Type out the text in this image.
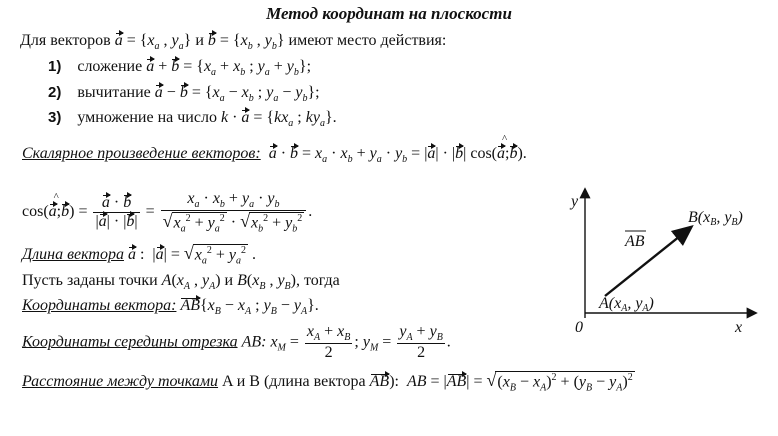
Метод координат на плоскости
Для векторов $a = \{x_a$ , $y_a$} и $b = \{x_b$ , $y_b$} имеют место действия:
1) сложение $a + b = \{x_a + x_b$ ; $y_a + y_b$};
2) вычитание $a - b = \{x_a - x_b$ ; $y_a - y_b$};
3) умножение на число $k \cdot a = \{kx_a$ ; $ky_a$}.
Скалярное произведение векторов: $a \cdot b = x_a \cdot x_b + y_a \cdot y_b = |a| \cdot |b|$ cos(
^
a;b).
cos(
^
a;b) = $\frac{a \cdot b}{|a| \cdot |b|} = \frac{x_a \cdot x_b + y_a \cdot y_b}{√x_a^2 + y_a^2 \cdot √x_b^2 + y_b^2}$ .
Длина вектора a :  $|a| = √x_a^2 + y_a^2$ .
Пусть заданы точки $A(x_A$ , $y_A$) и $B(x_B$ , $y_B$), тогда
Координаты вектора: $AB\{x_B - x_A$ ; $y_B - y_A$}.
Координаты середины отрезка AB: $x_M = \frac{x_A + x_B}{2}$ ; $y_M = \frac{y_A + y_B}{2}$ .
Расстояние между точками A и B (длина вектора AB): AB = $|AB| = √(x_B - x_A)^2 + (y_B - y_A)^2$
y
x
0
AB
A(xA, yA)
B(xB, yB)
